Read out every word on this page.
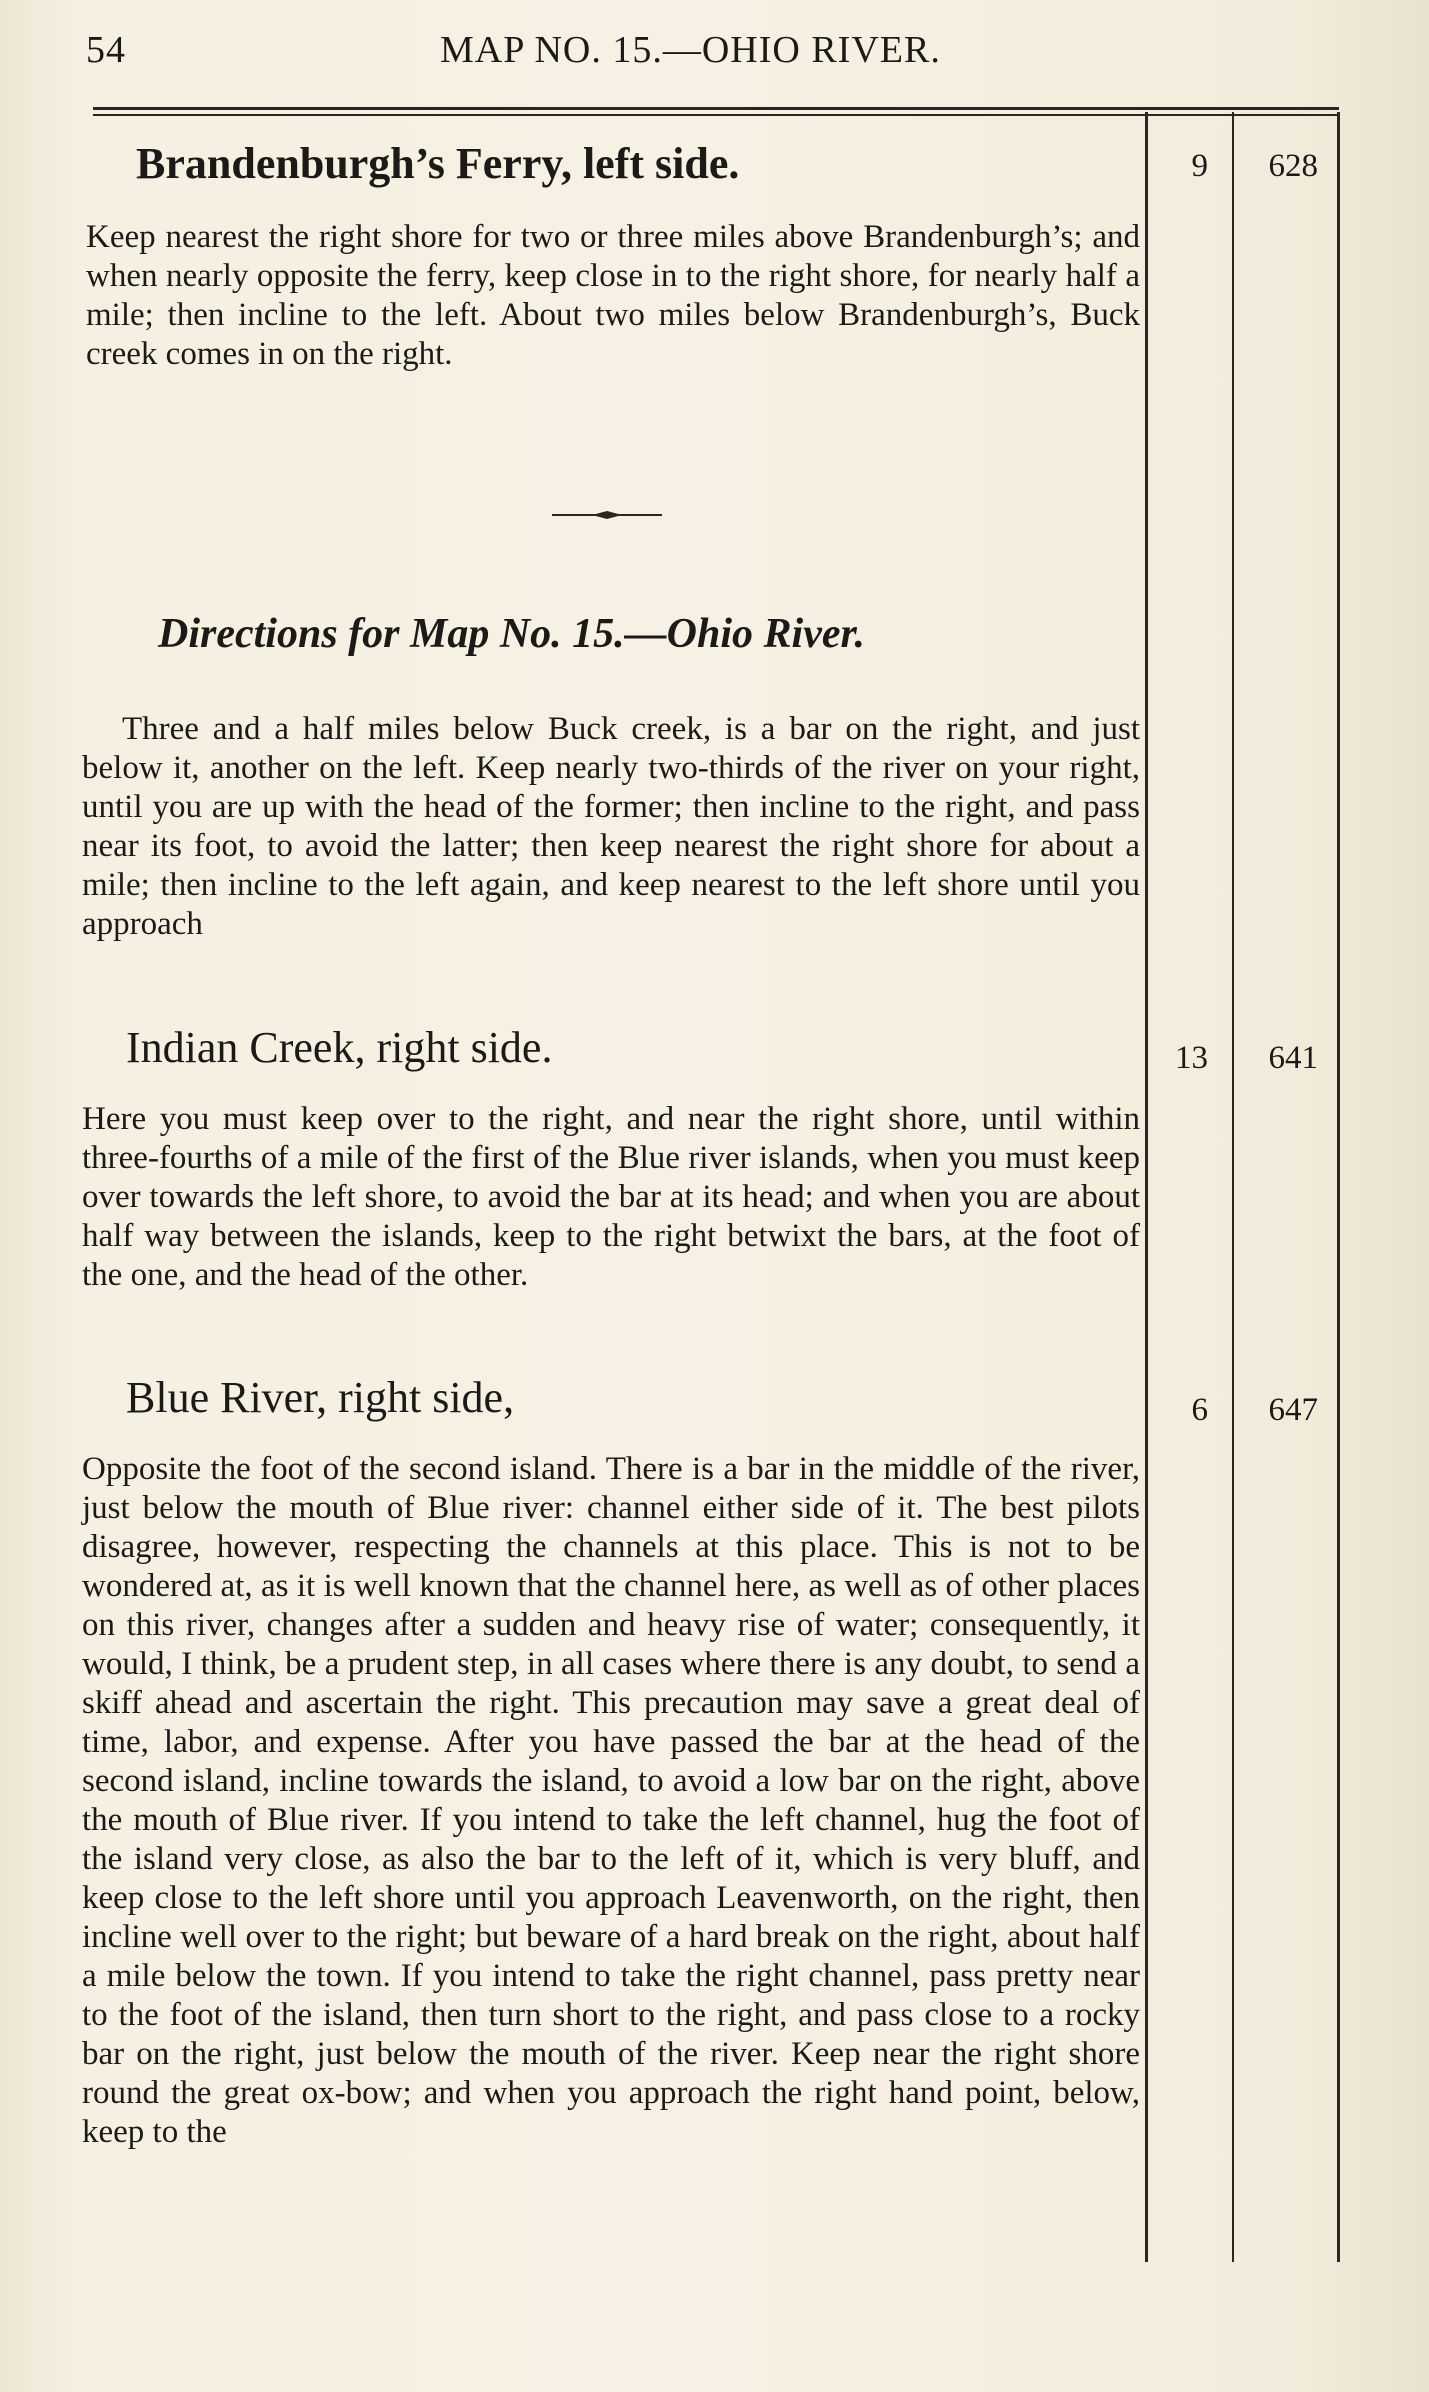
54	MAP NO. 15.—OHIO RIVER.
Brandenburgh’s Ferry, left side.	9	628

Keep nearest the right shore for two or three miles above Brandenburgh’s; and when nearly opposite the ferry, keep close in to the right shore, for nearly half a mile; then incline to the left. About two miles below Brandenburgh’s, Buck creek comes in on the right.

Directions for Map No. 15.—Ohio River.

Three and a half miles below Buck creek, is a bar on the right, and just below it, another on the left. Keep nearly two-thirds of the river on your right, until you are up with the head of the former; then incline to the right, and pass near its foot, to avoid the latter; then keep nearest the right shore for about a mile; then incline to the left again, and keep nearest to the left shore until you approach

Indian Creek, right side.	13	641

Here you must keep over to the right, and near the right shore, until within three-fourths of a mile of the first of the Blue river islands, when you must keep over towards the left shore, to avoid the bar at its head; and when you are about half way between the islands, keep to the right betwixt the bars, at the foot of the one, and the head of the other.

Blue River, right side,	6	647

Opposite the foot of the second island. There is a bar in the middle of the river, just below the mouth of Blue river: channel either side of it. The best pilots disagree, however, respecting the channels at this place. This is not to be wondered at, as it is well known that the channel here, as well as of other places on this river, changes after a sudden and heavy rise of water; consequently, it would, I think, be a prudent step, in all cases where there is any doubt, to send a skiff ahead and ascertain the right. This precaution may save a great deal of time, labor, and expense. After you have passed the bar at the head of the second island, incline towards the island, to avoid a low bar on the right, above the mouth of Blue river. If you intend to take the left channel, hug the foot of the island very close, as also the bar to the left of it, which is very bluff, and keep close to the left shore until you approach Leavenworth, on the right, then incline well over to the right; but beware of a hard break on the right, about half a mile below the town. If you intend to take the right channel, pass pretty near to the foot of the island, then turn short to the right, and pass close to a rocky bar on the right, just below the mouth of the river. Keep near the right shore round the great ox-bow; and when you approach the right hand point, below, keep to the
